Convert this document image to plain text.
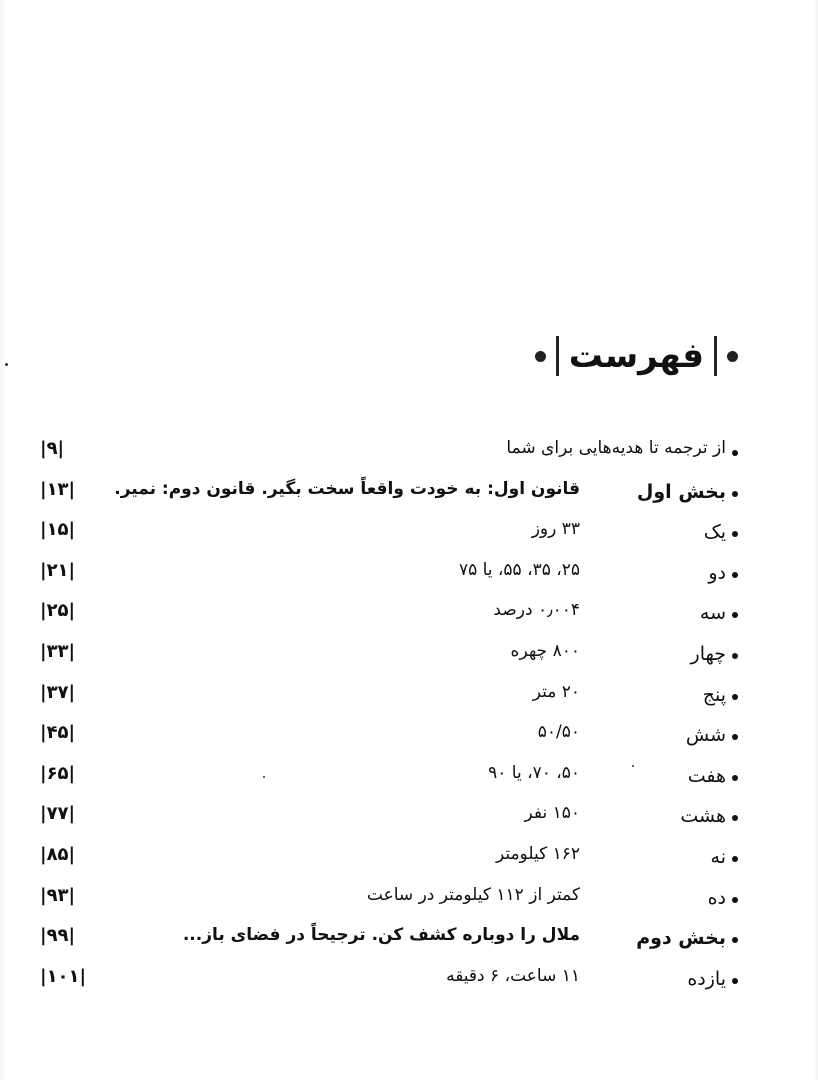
فهرست
از ترجمه تا هدیه‌هایی برای شما
|۹|
بخش اول
قانون اول: به خودت واقعاً سخت بگیر. قانون دوم: نمیر.
|۱۳|
یک
۳۳ روز
|۱۵|
دو
۲۵، ۳۵، ۵۵، یا ۷۵
|۲۱|
سه
۰٫۰۰۴ درصد
|۲۵|
چهار
۸۰۰ چهره
|۳۳|
پنج
۲۰ متر
|۳۷|
شش
۵۰/۵۰
|۴۵|
هفت
۵۰، ۷۰، یا ۹۰
|۶۵|
هشت
۱۵۰ نفر
|۷۷|
نه
۱۶۲ کیلومتر
|۸۵|
ده
کمتر از ۱۱۲ کیلومتر در ساعت
|۹۳|
بخش دوم
ملال را دوباره کشف کن. ترجیحاً در فضای باز...
|۹۹|
یازده
۱۱ ساعت، ۶ دقیقه
|۱۰۱|
